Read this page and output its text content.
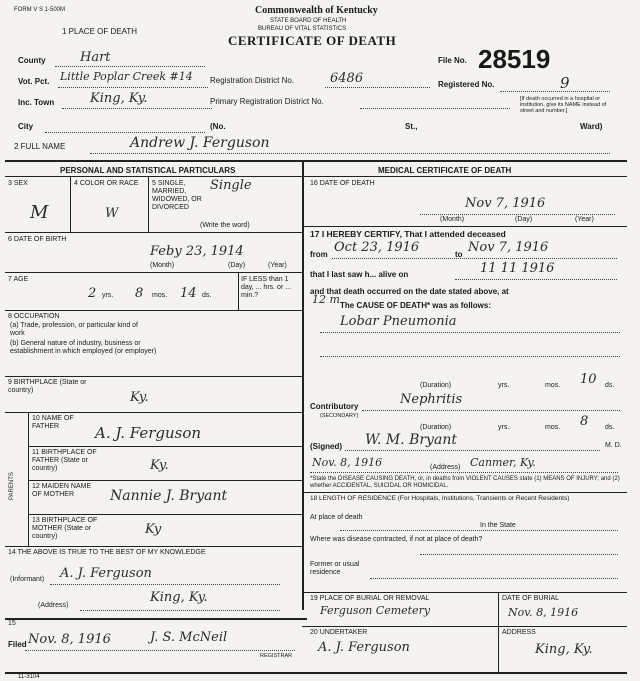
FORM V S 1-500M	Commonwealth of Kentucky
STATE BOARD OF HEALTH
BUREAU OF VITAL STATISTICS
CERTIFICATE OF DEATH
1 PLACE OF DEATH
File No. 28519
Registered No.	9
County	Hart
Vot. Pct. Little Poplar Creek #14 Registration District No.	6486
Inc. Town	King, Ky.	Primary Registration District No.	[If death occurred in a hospital or institution, give its NAME instead of street and number.]
City	(No.	St.,	Ward)
2 FULL NAME	Andrew J. Ferguson
PERSONAL AND STATISTICAL PARTICULARS	MEDICAL CERTIFICATE OF DEATH
3 SEX
M
4 COLOR OR RACE
W
5 SINGLE, MARRIED, WIDOWED, OR DIVORCED
(Write the word)
Single
6 DATE OF BIRTH
Feby 23, 1914
(Month)	(Day)	(Year)
7 AGE
2 yrs. 8 mos. 14 ds.
IF LESS than 1 day, ... hrs. or ... min.?
8 OCCUPATION
(a) Trade, profession, or particular kind of work
(b) General nature of industry, business or establishment in which employed (or employer)
9 BIRTHPLACE (State or country)	Ky.
PARENTS
10 NAME OF FATHER	A. J. Ferguson
11 BIRTHPLACE OF FATHER (State or country)	Ky.
12 MAIDEN NAME OF MOTHER	Nannie J. Bryant
13 BIRTHPLACE OF MOTHER (State or country)	Ky
14 THE ABOVE IS TRUE TO THE BEST OF MY KNOWLEDGE
(Informant) A. J. Ferguson
(Address)
King, Ky.
15
Filed Nov. 8, 1916	J. S. McNeil
REGISTRAR
16 DATE OF DEATH
Nov 7, 1916
(Month)	(Day)	(Year)
17 I HEREBY CERTIFY, That I attended deceased
from Oct 23, 1916	to Nov 7, 1916
that I last saw h... alive on	11 11 1916
and that death occurred on the date stated above, at
12 m The CAUSE OF DEATH* was as follows:
Lobar Pneumonia
(Duration)	yrs.	mos. 10 ds.
Contributory
(SECONDARY)
Nephritis
(Duration)	yrs.	mos. 8 ds.
(Signed) W. M. Bryant	M. D.
Nov. 8, 1916	(Address) Canmer, Ky.
*State the DISEASE CAUSING DEATH, or, in deaths from VIOLENT CAUSES state (1) MEANS OF INJURY; and (2) whether ACCIDENTAL, SUICIDAL OR HOMICIDAL.
18 LENGTH OF RESIDENCE (For Hospitals, Institutions, Transients or Recent Residents)
At place of death
In the State
Where was disease contracted, if not at place of death?
Former or usual residence
19 PLACE OF BURIAL OR REMOVAL
Ferguson Cemetery
DATE OF BURIAL
Nov. 8, 1916
20 UNDERTAKER
A. J. Ferguson
ADDRESS
King, Ky.
11-3104
